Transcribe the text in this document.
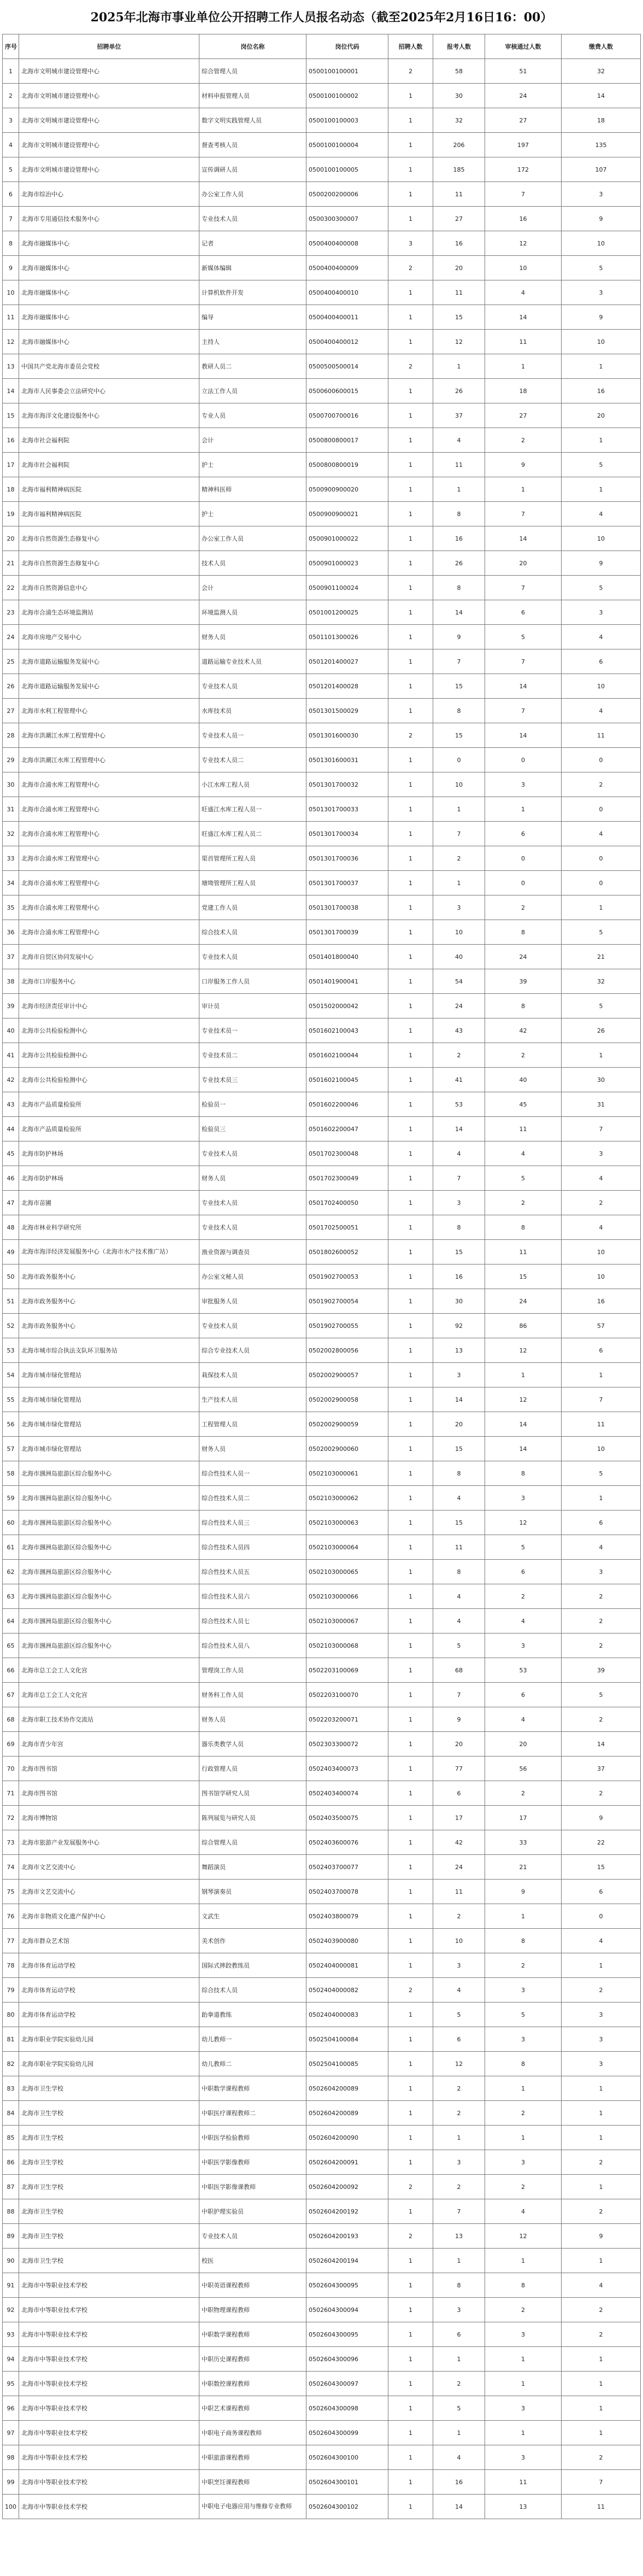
2025年北海市事业单位公开招聘工作人员报名动态（截至2025年2月16日16：00）
序号	招聘单位	岗位名称	岗位代码	招聘人数	报考人数	审核通过人数	缴费人数
1	北海市文明城市建设管理中心	综合管理人员	0500100100001	2	58	51	32
2	北海市文明城市建设管理中心	材料申报管理人员	0500100100002	1	30	24	14
3	北海市文明城市建设管理中心	数字文明实践管理人员	0500100100003	1	32	27	18
4	北海市文明城市建设管理中心	督查考核人员	0500100100004	1	206	197	135
5	北海市文明城市建设管理中心	宣传调研人员	0500100100005	1	185	172	107
6	北海市综治中心	办公室工作人员	0500200200006	1	11	7	3
7	北海市专用通信技术服务中心	专业技术人员	0500300300007	1	27	16	9
8	北海市融媒体中心	记者	0500400400008	3	16	12	10
9	北海市融媒体中心	新媒体编辑	0500400400009	2	20	10	5
10	北海市融媒体中心	计算机软件开发	0500400400010	1	11	4	3
11	北海市融媒体中心	编导	0500400400011	1	15	14	9
12	北海市融媒体中心	主持人	0500400400012	1	12	11	10
13	中国共产党北海市委员会党校	教研人员二	0500500500014	2	1	1	1
14	北海市人民事委会立法研究中心	立法工作人员	0500600600015	1	26	18	16
15	北海市海洋文化建设服务中心	专业人员	0500700700016	1	37	27	20
16	北海市社会福利院	会计	0500800800017	1	4	2	1
17	北海市社会福利院	护士	0500800800019	1	11	9	5
18	北海市福利精神病医院	精神科医师	0500900900020	1	1	1	1
19	北海市福利精神病医院	护士	0500900900021	1	8	7	4
20	北海市自然资源生态修复中心	办公室工作人员	0500901000022	1	16	14	10
21	北海市自然资源生态修复中心	技术人员	0500901000023	1	26	20	9
22	北海市自然资源信息中心	会计	0500901100024	1	8	7	5
23	北海市合浦生态环境监测站	环境监测人员	0501001200025	1	14	6	3
24	北海市房地产交易中心	财务人员	0501101300026	1	9	5	4
25	北海市道路运输服务发展中心	道路运输专业技术人员	0501201400027	1	7	7	6
26	北海市道路运输服务发展中心	专业技术人员	0501201400028	1	15	14	10
27	北海市水利工程管理中心	水库技术员	0501301500029	1	8	7	4
28	北海市洪潮江水库工程管理中心	专业技术人员一	0501301600030	2	15	14	11
29	北海市洪潮江水库工程管理中心	专业技术人员二	0501301600031	1	0	0	0
30	北海市合浦水库工程管理中心	小江水库工程人员	0501301700032	1	10	3	2
31	北海市合浦水库工程管理中心	旺盛江水库工程人员一	0501301700033	1	1	1	0
32	北海市合浦水库工程管理中心	旺盛江水库工程人员二	0501301700034	1	7	6	4
33	北海市合浦水库工程管理中心	渠首管理所工程人员	0501301700036	1	2	0	0
34	北海市合浦水库工程管理中心	塘坳管理所工程人员	0501301700037	1	1	0	0
35	北海市合浦水库工程管理中心	党建工作人员	0501301700038	1	3	2	1
36	北海市合浦水库工程管理中心	综合技术人员	0501301700039	1	10	8	5
37	北海市自贸区协同发展中心	专业技术人员	0501401800040	1	40	24	21
38	北海市口岸服务中心	口岸服务工作人员	0501401900041	1	54	39	32
39	北海市经济责任审计中心	审计员	0501502000042	1	24	8	5
40	北海市公共检验检测中心	专业技术员一	0501602100043	1	43	42	26
41	北海市公共检验检测中心	专业技术员二	0501602100044	1	2	2	1
42	北海市公共检验检测中心	专业技术员三	0501602100045	1	41	40	30
43	北海市产品质量检验所	检验员一	0501602200046	1	53	45	31
44	北海市产品质量检验所	检验员三	0501602200047	1	14	11	7
45	北海市防护林场	专业技术人员	0501702300048	1	4	4	3
46	北海市防护林场	财务人员	0501702300049	1	7	5	4
47	北海市苗圃	专业技术人员	0501702400050	1	3	2	2
48	北海市林业科学研究所	专业技术人员	0501702500051	1	8	8	4
49	北海市海洋经济发展服务中心（北海市水产技术推广站）	渔业资源与调查员	0501802600052	1	15	11	10
50	北海市政务服务中心	办公室文秘人员	0501902700053	1	16	15	10
51	北海市政务服务中心	审批服务人员	0501902700054	1	30	24	16
52	北海市政务服务中心	专业技术人员	0501902700055	1	92	86	57
53	北海市城市综合执法支队环卫服务站	综合专业技术人员	0502002800056	1	13	12	6
54	北海市城市绿化管理站	栽保技术人员	0502002900057	1	3	1	1
55	北海市城市绿化管理站	生产技术人员	0502002900058	1	14	12	7
56	北海市城市绿化管理站	工程管理人员	0502002900059	1	20	14	11
57	北海市城市绿化管理站	财务人员	0502002900060	1	15	14	10
58	北海市涠洲岛旅游区综合服务中心	综合性技术人员一	0502103000061	1	8	8	5
59	北海市涠洲岛旅游区综合服务中心	综合性技术人员二	0502103000062	1	4	3	1
60	北海市涠洲岛旅游区综合服务中心	综合性技术人员三	0502103000063	1	15	12	6
61	北海市涠洲岛旅游区综合服务中心	综合性技术人员四	0502103000064	1	11	5	4
62	北海市涠洲岛旅游区综合服务中心	综合性技术人员五	0502103000065	1	8	6	3
63	北海市涠洲岛旅游区综合服务中心	综合性技术人员六	0502103000066	1	4	2	2
64	北海市涠洲岛旅游区综合服务中心	综合性技术人员七	0502103000067	1	4	4	2
65	北海市涠洲岛旅游区综合服务中心	综合性技术人员八	0502103000068	1	5	3	2
66	北海市总工会工人文化宫	管理岗工作人员	0502203100069	1	68	53	39
67	北海市总工会工人文化宫	财务科工作人员	0502203100070	1	7	6	5
68	北海市职工技术协作交流站	财务人员	0502203200071	1	9	4	2
69	北海市青少年宫	器乐类教学人员	0502303300072	1	20	20	14
70	北海市图书馆	行政管理人员	0502403400073	1	77	56	37
71	北海市图书馆	图书馆学研究人员	0502403400074	1	6	2	2
72	北海市博物馆	陈列展览与研究人员	0502403500075	1	17	17	9
73	北海市旅游产业发展服务中心	综合管理人员	0502403600076	1	42	33	22
74	北海市文艺交流中心	舞蹈演员	0502403700077	1	24	21	15
75	北海市文艺交流中心	钢琴演奏员	0502403700078	1	11	9	6
76	北海市非物质文化遗产保护中心	文武生	0502403800079	1	2	1	0
77	北海市群众艺术馆	美术创作	0502403900080	1	10	8	4
78	北海市体育运动学校	国际式摔跤教练员	0502404000081	1	3	2	1
79	北海市体育运动学校	综合技术人员	0502404000082	2	4	3	2
80	北海市体育运动学校	跆拳道教练	0502404000083	1	5	5	3
81	北海市职业学院实验幼儿园	幼儿教师一	0502504100084	1	6	3	3
82	北海市职业学院实验幼儿园	幼儿教师二	0502504100085	1	12	8	3
83	北海市卫生学校	中职数学课程教师	0502604200089	1	2	1	1
84	北海市卫生学校	中职医疗课程教师二	0502604200089	1	2	2	1
85	北海市卫生学校	中职医学检验教师	0502604200090	1	1	1	1
86	北海市卫生学校	中职医学影像教师	0502604200091	1	3	3	2
87	北海市卫生学校	中职医学影像课教师	0502604200092	2	2	2	1
88	北海市卫生学校	中职护理实验员	0502604200192	1	7	4	2
89	北海市卫生学校	专业技术人员	0502604200193	2	13	12	9
90	北海市卫生学校	校医	0502604200194	1	1	1	1
91	北海市中等职业技术学校	中职英语课程教师	0502604300095	1	8	8	4
92	北海市中等职业技术学校	中职物理课程教师	0502604300094	1	3	2	2
93	北海市中等职业技术学校	中职数学课程教师	0502604300095	1	6	3	2
94	北海市中等职业技术学校	中职历史课程教师	0502604300096	1	1	1	1
95	北海市中等职业技术学校	中职数控课程教师	0502604300097	1	2	1	1
96	北海市中等职业技术学校	中职艺术课程教师	0502604300098	1	5	3	1
97	北海市中等职业技术学校	中职电子商务课程教师	0502604300099	1	1	1	1
98	北海市中等职业技术学校	中职旅游课程教师	0502604300100	1	4	3	2
99	北海市中等职业技术学校	中职烹饪课程教师	0502604300101	1	16	11	7
100	北海市中等职业技术学校	中职电子电器应用与维修专业教师	0502604300102	1	14	13	11
